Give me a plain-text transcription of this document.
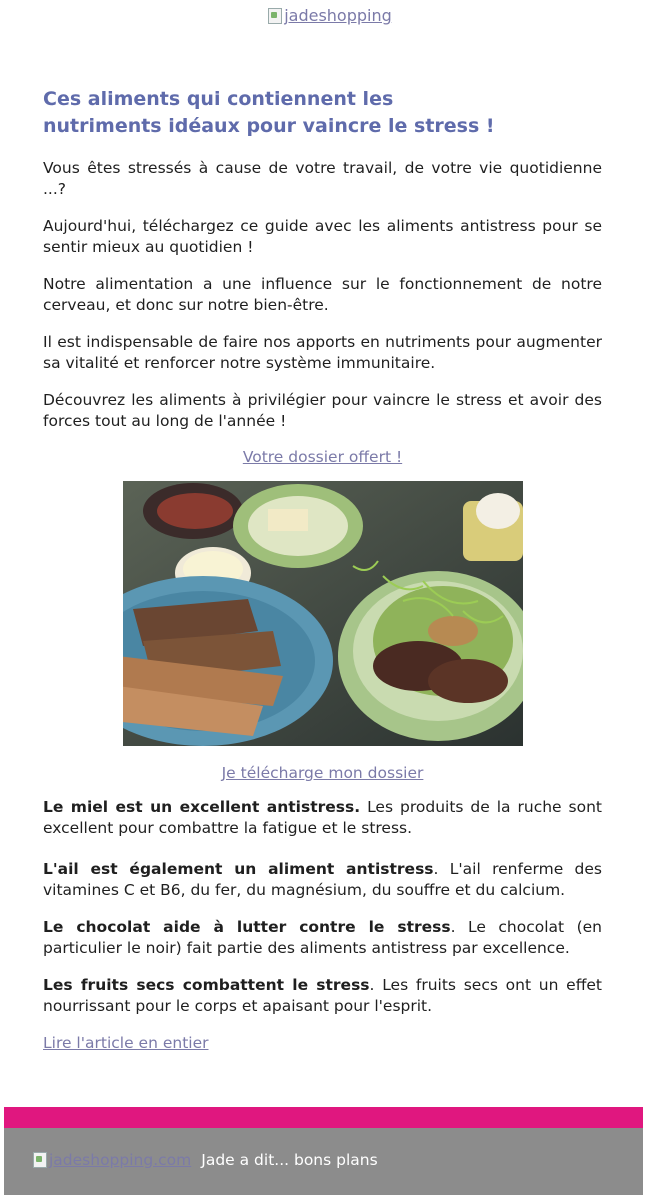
jadeshopping
Ces aliments qui contiennent les nutriments idéaux pour vaincre le stress !

Vous êtes stressés à cause de votre travail, de votre vie quotidienne ...?

Aujourd'hui, téléchargez ce guide avec les aliments antistress pour se sentir mieux au quotidien !

Notre alimentation a une influence sur le fonctionnement de notre cerveau, et donc sur notre bien-être.

Il est indispensable de faire nos apports en nutriments pour augmenter sa vitalité et renforcer notre système immunitaire.

Découvrez les aliments à privilégier pour vaincre le stress et avoir des forces tout au long de l'année !

Votre dossier offert !
Je télécharge mon dossier

Le miel est un excellent antistress. Les produits de la ruche sont excellent pour combattre la fatigue et le stress.

L'ail est également un aliment antistress. L'ail renferme des vitamines C et B6, du fer, du magnésium, du souffre et du calcium.

Le chocolat aide à lutter contre le stress. Le chocolat (en particulier le noir) fait partie des aliments antistress par excellence.

Les fruits secs combattent le stress. Les fruits secs ont un effet nourrissant pour le corps et apaisant pour l'esprit.

Lire l'article en entier
jadeshopping.com Jade a dit... bons plans
